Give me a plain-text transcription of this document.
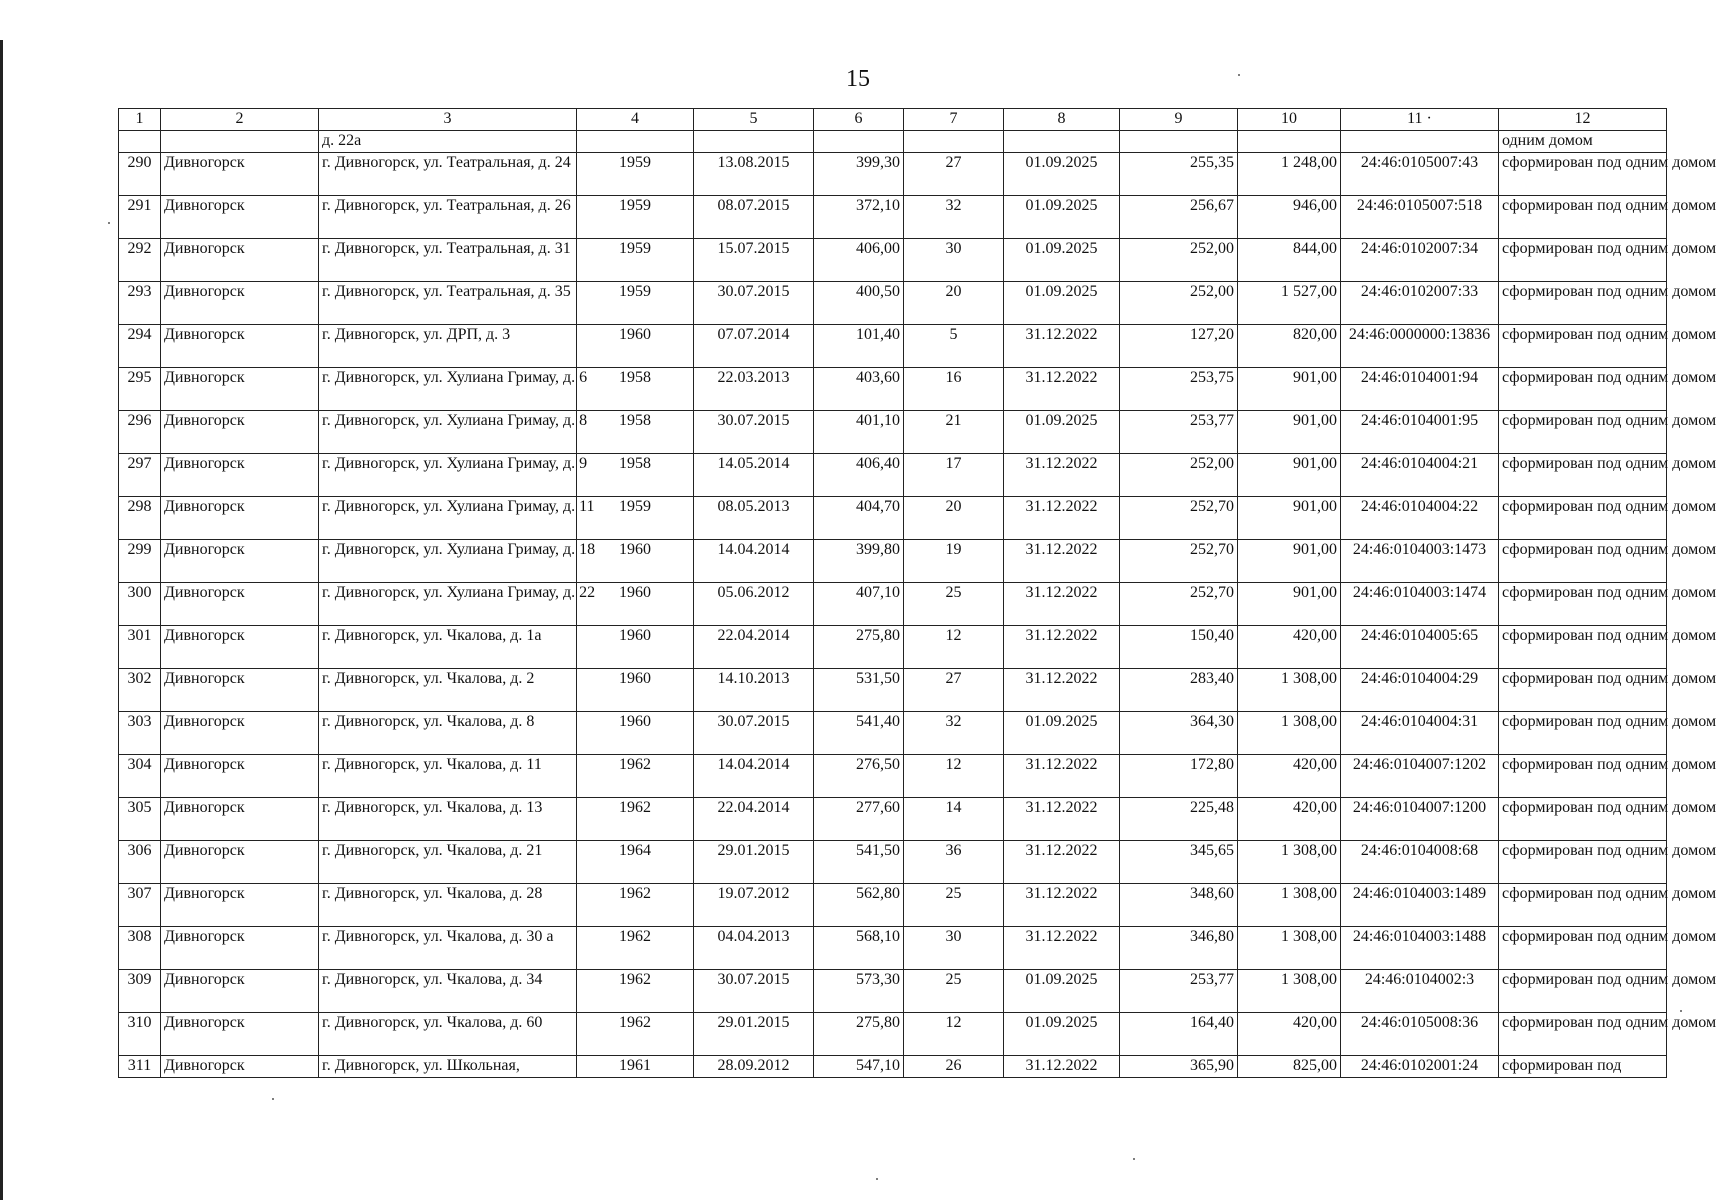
15
1	2	3	4	5	6	7	8	9	10	11 ·	12
		д. 22а									одним домом
290	Дивногорск	г. Дивногорск, ул. Театральная, д. 24	1959	13.08.2015	399,30	27	01.09.2025	255,35	1 248,00	24:46:0105007:43	сформирован под одним домом
291	Дивногорск	г. Дивногорск, ул. Театральная, д. 26	1959	08.07.2015	372,10	32	01.09.2025	256,67	946,00	24:46:0105007:518	сформирован под одним домом
292	Дивногорск	г. Дивногорск, ул. Театральная, д. 31	1959	15.07.2015	406,00	30	01.09.2025	252,00	844,00	24:46:0102007:34	сформирован под одним домом
293	Дивногорск	г. Дивногорск, ул. Театральная, д. 35	1959	30.07.2015	400,50	20	01.09.2025	252,00	1 527,00	24:46:0102007:33	сформирован под одним домом
294	Дивногорск	г. Дивногорск, ул. ДРП, д. 3	1960	07.07.2014	101,40	5	31.12.2022	127,20	820,00	24:46:0000000:13836	сформирован под одним домом
295	Дивногорск	г. Дивногорск, ул. Хулиана Гримау, д. 6	1958	22.03.2013	403,60	16	31.12.2022	253,75	901,00	24:46:0104001:94	сформирован под одним домом
296	Дивногорск	г. Дивногорск, ул. Хулиана Гримау, д. 8	1958	30.07.2015	401,10	21	01.09.2025	253,77	901,00	24:46:0104001:95	сформирован под одним домом
297	Дивногорск	г. Дивногорск, ул. Хулиана Гримау, д. 9	1958	14.05.2014	406,40	17	31.12.2022	252,00	901,00	24:46:0104004:21	сформирован под одним домом
298	Дивногорск	г. Дивногорск, ул. Хулиана Гримау, д. 11	1959	08.05.2013	404,70	20	31.12.2022	252,70	901,00	24:46:0104004:22	сформирован под одним домом
299	Дивногорск	г. Дивногорск, ул. Хулиана Гримау, д. 18	1960	14.04.2014	399,80	19	31.12.2022	252,70	901,00	24:46:0104003:1473	сформирован под одним домом
300	Дивногорск	г. Дивногорск, ул. Хулиана Гримау, д. 22	1960	05.06.2012	407,10	25	31.12.2022	252,70	901,00	24:46:0104003:1474	сформирован под одним домом
301	Дивногорск	г. Дивногорск, ул. Чкалова, д. 1а	1960	22.04.2014	275,80	12	31.12.2022	150,40	420,00	24:46:0104005:65	сформирован под одним домом
302	Дивногорск	г. Дивногорск, ул. Чкалова, д. 2	1960	14.10.2013	531,50	27	31.12.2022	283,40	1 308,00	24:46:0104004:29	сформирован под одним домом
303	Дивногорск	г. Дивногорск, ул. Чкалова, д. 8	1960	30.07.2015	541,40	32	01.09.2025	364,30	1 308,00	24:46:0104004:31	сформирован под одним домом
304	Дивногорск	г. Дивногорск, ул. Чкалова, д. 11	1962	14.04.2014	276,50	12	31.12.2022	172,80	420,00	24:46:0104007:1202	сформирован под одним домом
305	Дивногорск	г. Дивногорск, ул. Чкалова, д. 13	1962	22.04.2014	277,60	14	31.12.2022	225,48	420,00	24:46:0104007:1200	сформирован под одним домом
306	Дивногорск	г. Дивногорск, ул. Чкалова, д. 21	1964	29.01.2015	541,50	36	31.12.2022	345,65	1 308,00	24:46:0104008:68	сформирован под одним домом
307	Дивногорск	г. Дивногорск, ул. Чкалова, д. 28	1962	19.07.2012	562,80	25	31.12.2022	348,60	1 308,00	24:46:0104003:1489	сформирован под одним домом
308	Дивногорск	г. Дивногорск, ул. Чкалова, д. 30 а	1962	04.04.2013	568,10	30	31.12.2022	346,80	1 308,00	24:46:0104003:1488	сформирован под одним домом
309	Дивногорск	г. Дивногорск, ул. Чкалова, д. 34	1962	30.07.2015	573,30	25	01.09.2025	253,77	1 308,00	24:46:0104002:3	сформирован под одним домом
310	Дивногорск	г. Дивногорск, ул. Чкалова, д. 60	1962	29.01.2015	275,80	12	01.09.2025	164,40	420,00	24:46:0105008:36	сформирован под одним домом
311	Дивногорск	г. Дивногорск, ул. Школьная,	1961	28.09.2012	547,10	26	31.12.2022	365,90	825,00	24:46:0102001:24	сформирован под
